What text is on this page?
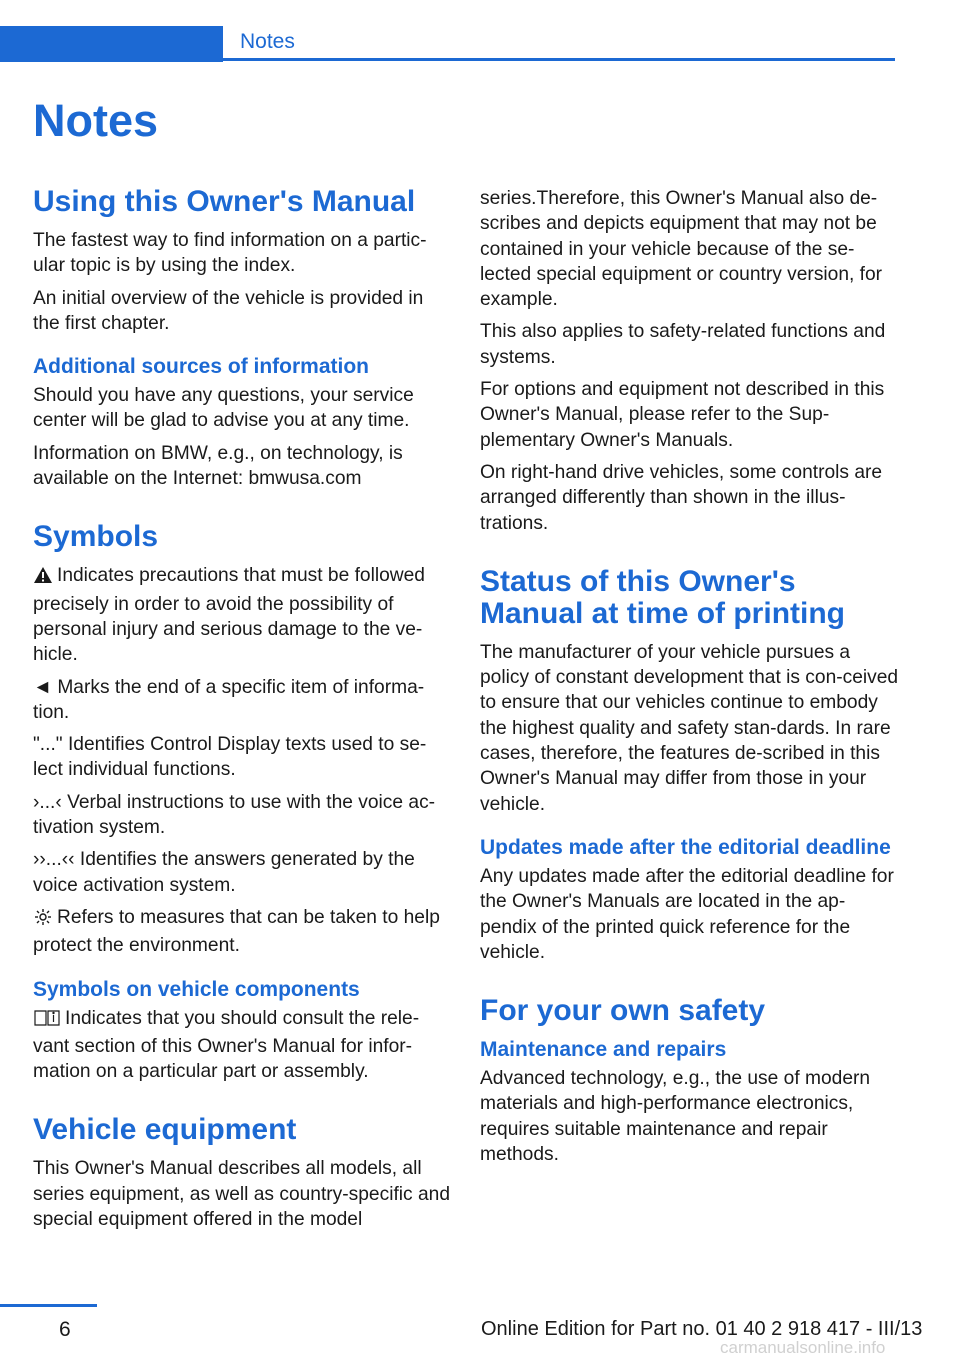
Notes
Notes
Using this Owner's Manual

The fastest way to find information on a partic‐ular topic is by using the index.

An initial overview of the vehicle is provided in the first chapter.

Additional sources of information

Should you have any questions, your service center will be glad to advise you at any time.

Information on BMW, e.g., on technology, is available on the Internet: bmwusa.com

Symbols

Indicates precautions that must be followed precisely in order to avoid the possibility of personal injury and serious damage to the ve‐hicle.

◄ Marks the end of a specific item of informa‐tion.

"..." Identifies Control Display texts used to se‐lect individual functions.

›...‹ Verbal instructions to use with the voice ac‐tivation system.

››...‹‹ Identifies the answers generated by the voice activation system.

Refers to measures that can be taken to help protect the environment.

Symbols on vehicle components

Indicates that you should consult the rele‐vant section of this Owner's Manual for infor‐mation on a particular part or assembly.

Vehicle equipment

This Owner's Manual describes all models, all series equipment, as well as country-specific and special equipment offered in the model

series.Therefore, this Owner's Manual also de‐scribes and depicts equipment that may not be contained in your vehicle because of the se‐lected special equipment or country version, for example.

This also applies to safety-related functions and systems.

For options and equipment not described in this Owner's Manual, please refer to the Sup‐plementary Owner's Manuals.

On right-hand drive vehicles, some controls are arranged differently than shown in the illus‐trations.

Status of this Owner's Manual at time of printing

The manufacturer of your vehicle pursues a policy of constant development that is con‐ceived to ensure that our vehicles continue to embody the highest quality and safety stan‐dards. In rare cases, therefore, the features de‐scribed in this Owner's Manual may differ from those in your vehicle.

Updates made after the editorial deadline

Any updates made after the editorial deadline for the Owner's Manuals are located in the ap‐pendix of the printed quick reference for the vehicle.

For your own safety
Maintenance and repairs

Advanced technology, e.g., the use of modern materials and high-performance electronics, requires suitable maintenance and repair methods.

6	Online Edition for Part no. 01 40 2 918 417 - III/13
carmanualsonline.info
